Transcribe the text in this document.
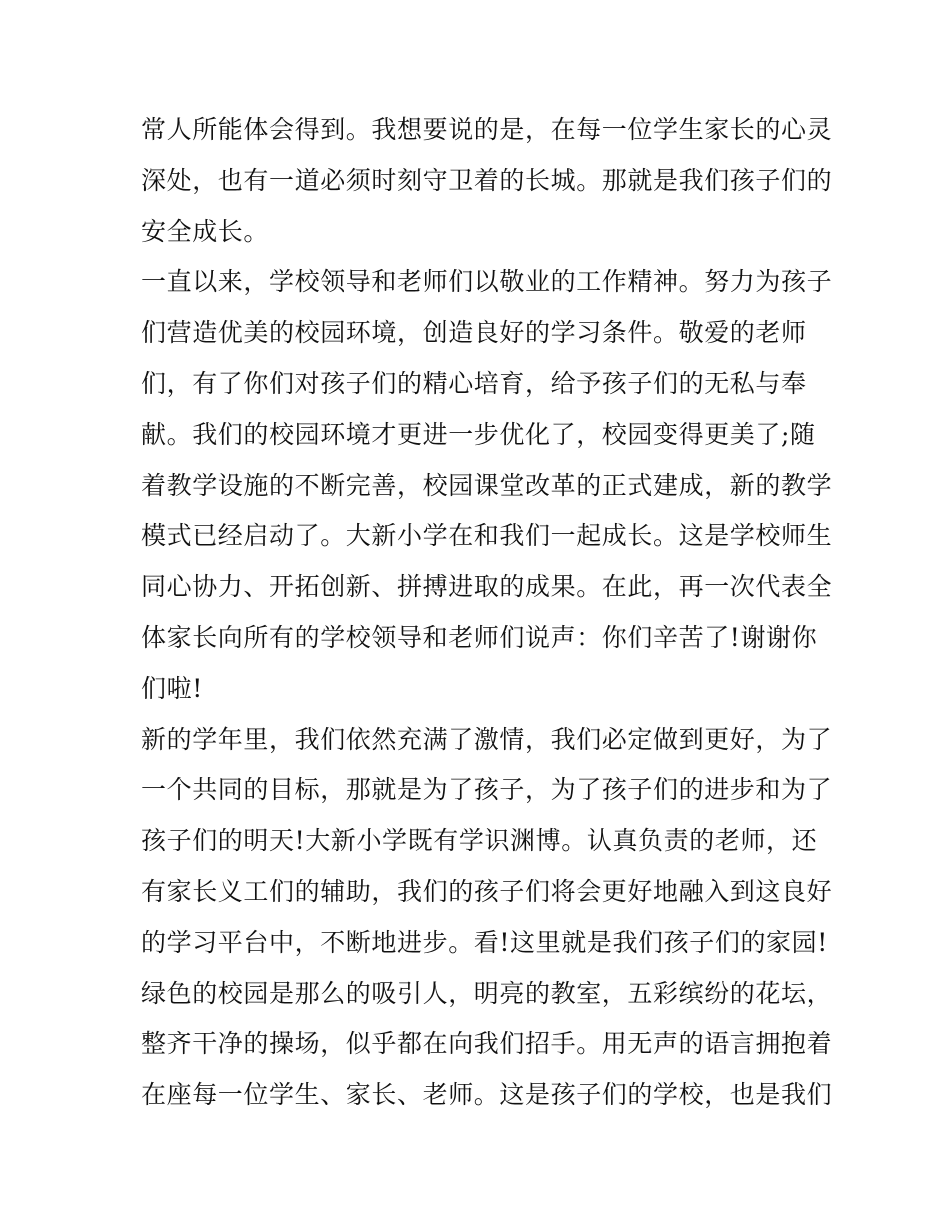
常人所能体会得到。我想要说的是，在每一位学生家长的心灵
深处，也有一道必须时刻守卫着的长城。那就是我们孩子们的
安全成长。
一直以来，学校领导和老师们以敬业的工作精神。努力为孩子
们营造优美的校园环境，创造良好的学习条件。敬爱的老师
们，有了你们对孩子们的精心培育，给予孩子们的无私与奉
献。我们的校园环境才更进一步优化了，校园变得更美了;随
着教学设施的不断完善，校园课堂改革的正式建成，新的教学
模式已经启动了。大新小学在和我们一起成长。这是学校师生
同心协力、开拓创新、拼搏进取的成果。在此，再一次代表全
体家长向所有的学校领导和老师们说声：你们辛苦了!谢谢你
们啦!
新的学年里，我们依然充满了激情，我们必定做到更好，为了
一个共同的目标，那就是为了孩子，为了孩子们的进步和为了
孩子们的明天!大新小学既有学识渊博。认真负责的老师，还
有家长义工们的辅助，我们的孩子们将会更好地融入到这良好
的学习平台中，不断地进步。看!这里就是我们孩子们的家园!
绿色的校园是那么的吸引人，明亮的教室，五彩缤纷的花坛，
整齐干净的操场，似乎都在向我们招手。用无声的语言拥抱着
在座每一位学生、家长、老师。这是孩子们的学校，也是我们
